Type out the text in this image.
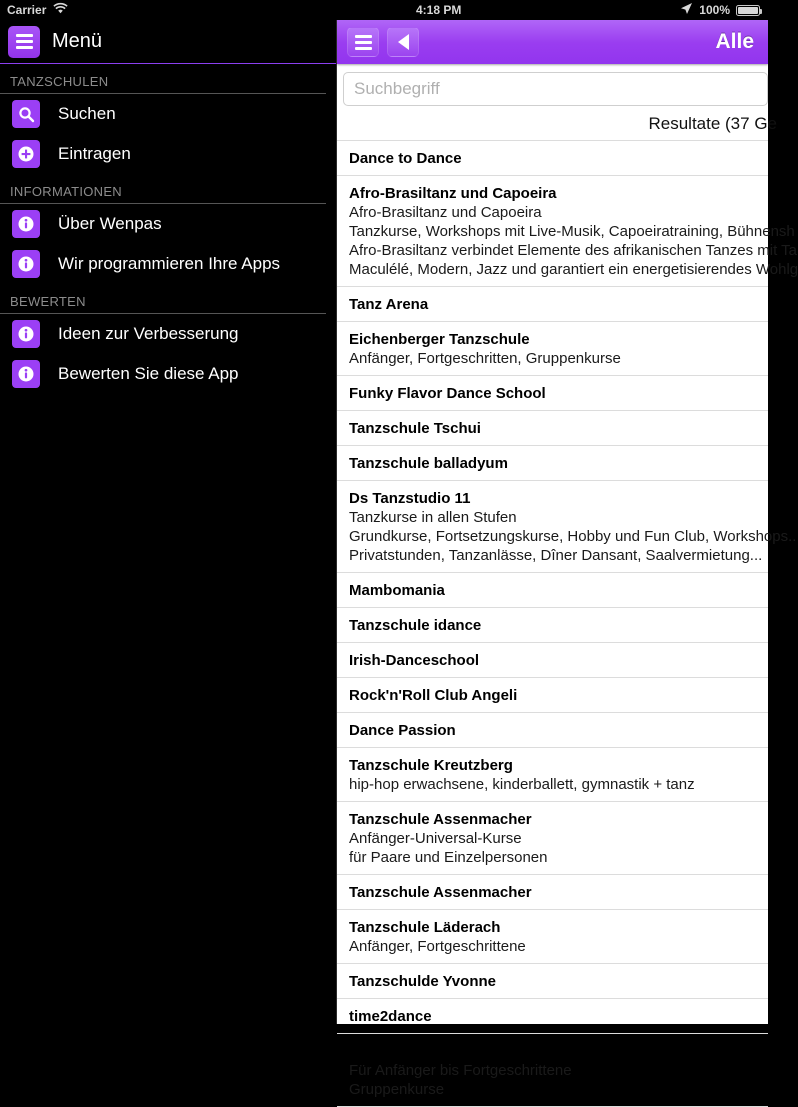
Carrier	4:18 PM	100%
Menü
TANZSCHULEN
Suchen
Eintragen
INFORMATIONEN
Über Wenpas
Wir programmieren Ihre Apps
BEWERTEN
Ideen zur Verbesserung
Bewerten Sie diese App
Alle
Suchbegriff
Resultate (37 Ge
Dance to Dance
Afro-Brasiltanz und Capoeira
Afro-Brasiltanz und Capoeira
Tanzkurse, Workshops mit Live-Musik, Capoeiratraining, Bühnensh
Afro-Brasiltanz verbindet Elemente des afrikanischen Tanzes mit Ta
Maculélé, Modern, Jazz und garantiert ein energetisierendes Wohlg
Tanz Arena
Eichenberger Tanzschule
Anfänger, Fortgeschritten, Gruppenkurse
Funky Flavor Dance School
Tanzschule Tschui
Tanzschule balladyum
Ds Tanzstudio 11
Tanzkurse in allen Stufen
Grundkurse, Fortsetzungskurse, Hobby und Fun Club, Workshops..
Privatstunden, Tanzanlässe, Dîner Dansant, Saalvermietung...
Mambomania
Tanzschule idance
Irish-Danceschool
Rock'n'Roll Club Angeli
Dance Passion
Tanzschule Kreutzberg
hip-hop erwachsene, kinderballett, gymnastik + tanz
Tanzschule Assenmacher
Anfänger-Universal-Kurse
für Paare und Einzelpersonen
Tanzschule Assenmacher
Tanzschule Läderach
Anfänger, Fortgeschrittene
Tanzschulde Yvonne
time2dance
Dance-in Tanzstudio
Für Anfänger bis Fortgeschrittene
Gruppenkurse
